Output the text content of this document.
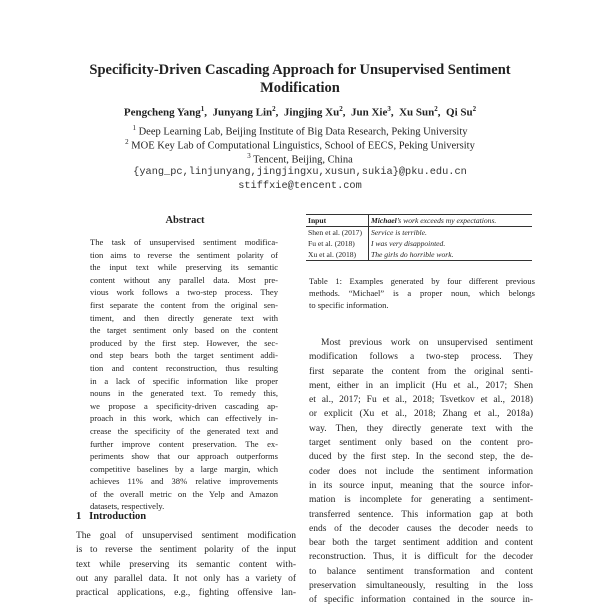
Specificity-Driven Cascading Approach for Unsupervised Sentiment Modification
Pengcheng Yang$^1$,  Junyang Lin$^2$,  Jingjing Xu$^2$,  Jun Xie$^3$,  Xu Sun$^2$,  Qi Su$^2$
$^1$ Deep Learning Lab, Beijing Institute of Big Data Research, Peking University
$^2$ MOE Key Lab of Computational Linguistics, School of EECS, Peking University
$^3$ Tencent, Beijing, China
{yang_pc,linjunyang,jingjingxu,xusun,sukia}@pku.edu.cn
stiffxie@tencent.com
Abstract
The task of unsupervised sentiment modifica-
tion aims to reverse the sentiment polarity of
the input text while preserving its semantic
content without any parallel data. Most pre-
vious work follows a two-step process. They
first separate the content from the original sen-
timent, and then directly generate text with
the target sentiment only based on the content
produced by the first step. However, the sec-
ond step bears both the target sentiment addi-
tion and content reconstruction, thus resulting
in a lack of specific information like proper
nouns in the generated text. To remedy this,
we propose a specificity-driven cascading ap-
proach in this work, which can effectively in-
crease the specificity of the generated text and
further improve content preservation. The ex-
periments show that our approach outperforms
competitive baselines by a large margin, which
achieves 11% and 38% relative improvements
of the overall metric on the Yelp and Amazon
datasets, respectively.
1 Introduction
The goal of unsupervised sentiment modification
is to reverse the sentiment polarity of the input
text while preserving its semantic content with-
out any parallel data. It not only has a variety of
practical applications, e.g., fighting offensive lan-
Input	Michael’s work exceeds my expectations.
Shen et al. (2017)	Service is terrible.
Fu et al. (2018)	I was very disappointed.
Xu et al. (2018)	The girls do horrible work.
Table 1: Examples generated by four different previous
methods. “Michael” is a proper noun, which belongs
to specific information.
Most previous work on unsupervised sentiment
modification follows a two-step process. They
first separate the content from the original senti-
ment, either in an implicit (Hu et al., 2017; Shen
et al., 2017; Fu et al., 2018; Tsvetkov et al., 2018)
or explicit (Xu et al., 2018; Zhang et al., 2018a)
way. Then, they directly generate text with the
target sentiment only based on the content pro-
duced by the first step. In the second step, the de-
coder does not include the sentiment information
in its source input, meaning that the source infor-
mation is incomplete for generating a sentiment-
transferred sentence. This information gap at both
ends of the decoder causes the decoder needs to
bear both the target sentiment addition and content
reconstruction. Thus, it is difficult for the decoder
to balance sentiment transformation and content
preservation simultaneously, resulting in the loss
of specific information contained in the source in-
